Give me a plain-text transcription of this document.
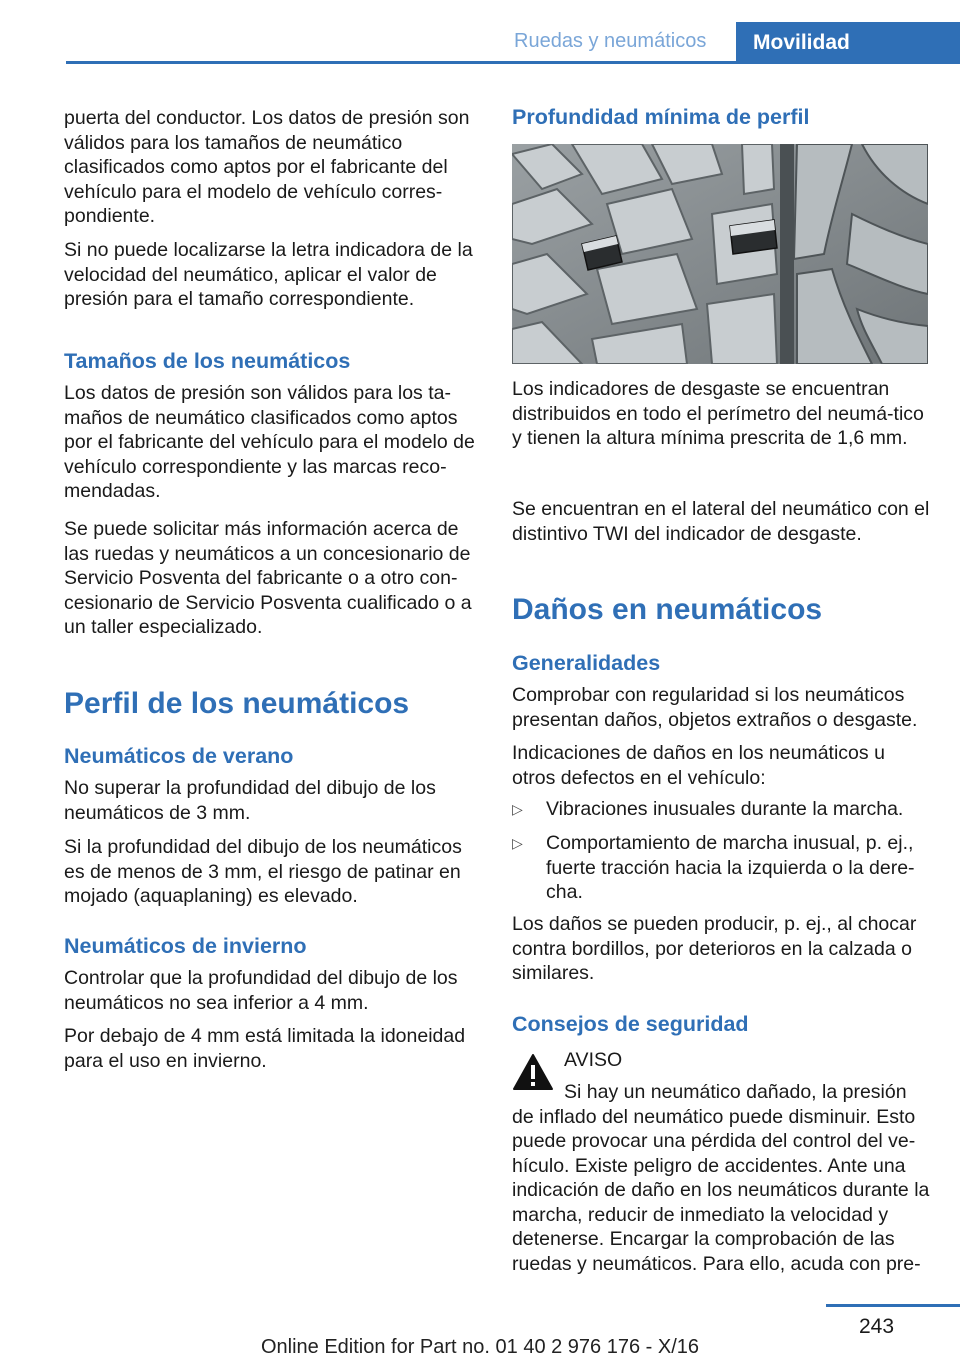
Ruedas y neumáticos	Movilidad

puerta del conductor. Los datos de presión son válidos para los tamaños de neumático clasificados como aptos por el fabricante del vehículo para el modelo de vehículo corres-pondiente.

Si no puede localizarse la letra indicadora de la velocidad del neumático, aplicar el valor de presión para el tamaño correspondiente.

Tamaños de los neumáticos

Los datos de presión son válidos para los ta-maños de neumático clasificados como aptos por el fabricante del vehículo para el modelo de vehículo correspondiente y las marcas reco-mendadas.

Se puede solicitar más información acerca de las ruedas y neumáticos a un concesionario de Servicio Posventa del fabricante o a otro con-cesionario de Servicio Posventa cualificado o a un taller especializado.

Perfil de los neumáticos
Neumáticos de verano

No superar la profundidad del dibujo de los neumáticos de 3 mm.

Si la profundidad del dibujo de los neumáticos es de menos de 3 mm, el riesgo de patinar en mojado (aquaplaning) es elevado.

Neumáticos de invierno

Controlar que la profundidad del dibujo de los neumáticos no sea inferior a 4 mm.

Por debajo de 4 mm está limitada la idoneidad para el uso en invierno.

Profundidad mínima de perfil

Los indicadores de desgaste se encuentran distribuidos en todo el perímetro del neumá-tico y tienen la altura mínima prescrita de 1,6 mm.

Se encuentran en el lateral del neumático con el distintivo TWI del indicador de desgaste.

Daños en neumáticos
Generalidades

Comprobar con regularidad si los neumáticos presentan daños, objetos extraños o desgaste.

Indicaciones de daños en los neumáticos u otros defectos en el vehículo:

▷ Vibraciones inusuales durante la marcha.
▷ Comportamiento de marcha inusual, p. ej., fuerte tracción hacia la izquierda o la dere-cha.

Los daños se pueden producir, p. ej., al chocar contra bordillos, por deterioros en la calzada o similares.

Consejos de seguridad

AVISO

Si hay un neumático dañado, la presión de inflado del neumático puede disminuir. Esto puede provocar una pérdida del control del ve-hículo. Existe peligro de accidentes. Ante una indicación de daño en los neumáticos durante la marcha, reducir de inmediato la velocidad y detenerse. Encargar la comprobación de las ruedas y neumáticos. Para ello, acuda con pre-

243
Online Edition for Part no. 01 40 2 976 176 - X/16
